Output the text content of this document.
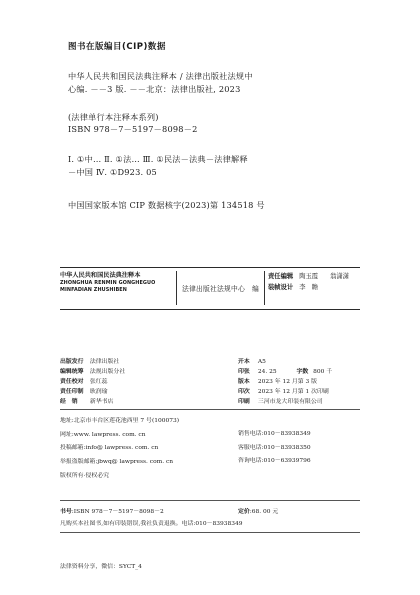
图书在版编目(CIP)数据
中华人民共和国民法典注释本 / 法律出版社法规中
心编. －－3 版. －－北京：法律出版社, 2023
(法律单行本注释本系列)
ISBN 978－7－5197－8098－2
Ⅰ. ①中… Ⅱ. ①法… Ⅲ. ①民法－法典－法律解释
－中国 Ⅳ. ①D923. 05
中国国家版本馆 CIP 数据核字(2023)第 134518 号
中华人民共和国民法典注释本
ZHONGHUA RENMIN GONGHEGUO
MINFADIAN ZHUSHIBEN	法律出版社法规中心 编
责任编辑 陶玉霞 翁潇潇
装帧设计 李　瞻
出版发行 法律出版社
编辑统筹 法规出版分社
责任校对 张红蕊
责任印制 耿润瑜
经　销 新华书店
开本 A5
印张 24. 25	字数 800 千
版本 2023 年 12 月第 3 版
印次 2023 年 12 月第 1 次印刷
印刷 三河市龙大印装有限公司
地址:北京市丰台区莲花池西里 7 号(100073)
网址:www. lawpress. com. cn
投稿邮箱:info@ lawpress. com. cn
举报盗版邮箱:jbwq@ lawpress. com. cn
版权所有·侵权必究
销售电话:010－83938349
客服电话:010－83938350
咨询电话:010－63939796
书号:ISBN 978－7－5197－8098－2	定价:68. 00 元
凡购买本社图书,如有印装错误,我社负责退换。电话:010－83938349
法律资料分享，微信：SYCT_4
